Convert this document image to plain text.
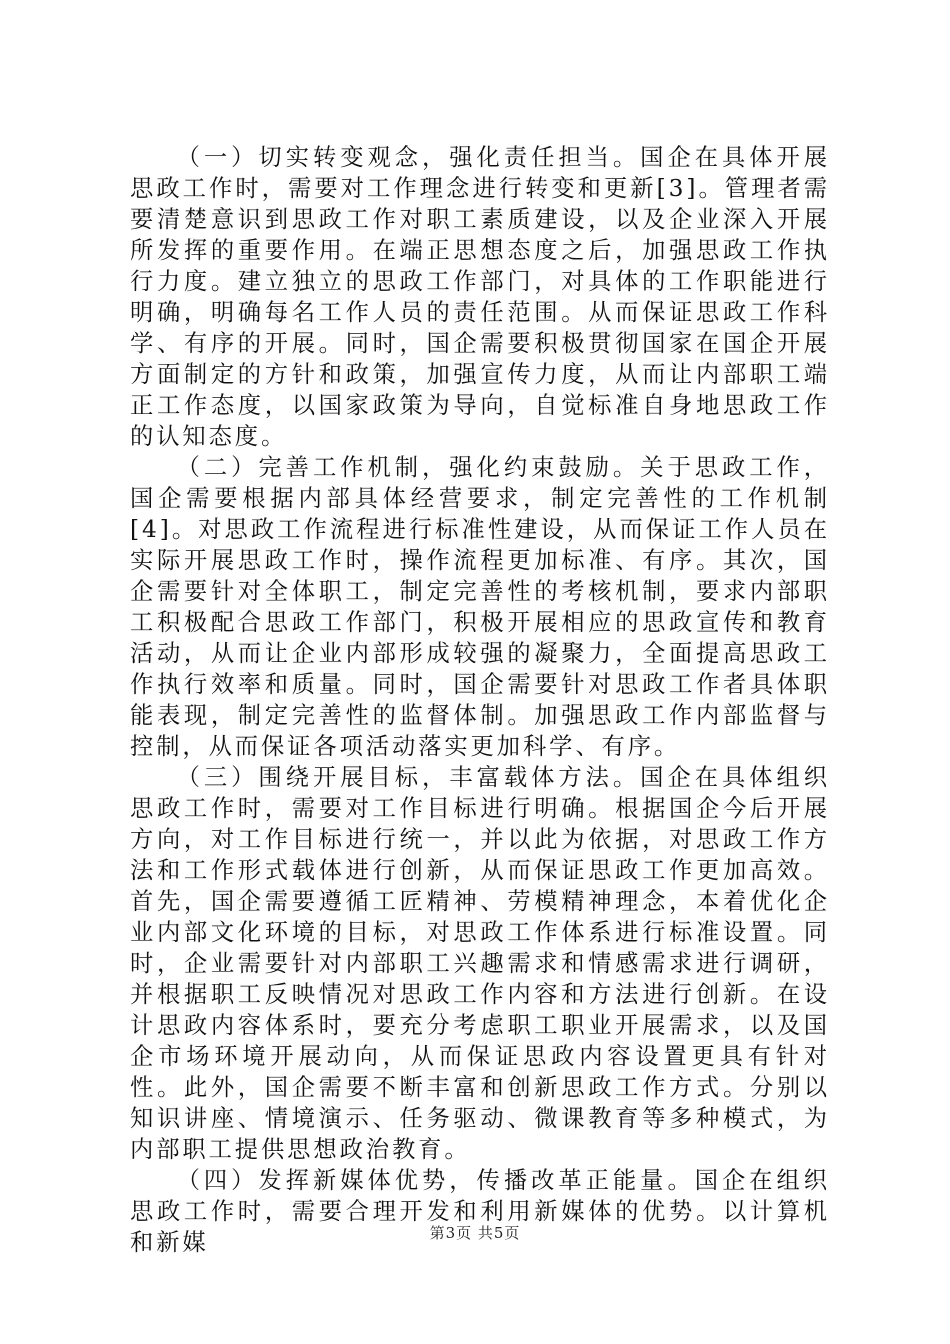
（一）切实转变观念，强化责任担当。国企在具体开展思政工作时，需要对工作理念进行转变和更新[3]。管理者需要清楚意识到思政工作对职工素质建设，以及企业深入开展所发挥的重要作用。在端正思想态度之后，加强思政工作执行力度。建立独立的思政工作部门，对具体的工作职能进行明确，明确每名工作人员的责任范围。从而保证思政工作科学、有序的开展。同时，国企需要积极贯彻国家在国企开展方面制定的方针和政策，加强宣传力度，从而让内部职工端正工作态度，以国家政策为导向，自觉标准自身地思政工作的认知态度。

（二）完善工作机制，强化约束鼓励。关于思政工作，国企需要根据内部具体经营要求，制定完善性的工作机制[4]。对思政工作流程进行标准性建设，从而保证工作人员在实际开展思政工作时，操作流程更加标准、有序。其次，国企需要针对全体职工，制定完善性的考核机制，要求内部职工积极配合思政工作部门，积极开展相应的思政宣传和教育活动，从而让企业内部形成较强的凝聚力，全面提高思政工作执行效率和质量。同时，国企需要针对思政工作者具体职能表现，制定完善性的监督体制。加强思政工作内部监督与控制，从而保证各项活动落实更加科学、有序。

（三）围绕开展目标，丰富载体方法。国企在具体组织思政工作时，需要对工作目标进行明确。根据国企今后开展方向，对工作目标进行统一，并以此为依据，对思政工作方法和工作形式载体进行创新，从而保证思政工作更加高效。首先，国企需要遵循工匠精神、劳模精神理念，本着优化企业内部文化环境的目标，对思政工作体系进行标准设置。同时，企业需要针对内部职工兴趣需求和情感需求进行调研，并根据职工反映情况对思政工作内容和方法进行创新。在设计思政内容体系时，要充分考虑职工职业开展需求，以及国企市场环境开展动向，从而保证思政内容设置更具有针对性。此外，国企需要不断丰富和创新思政工作方式。分别以知识讲座、情境演示、任务驱动、微课教育等多种模式，为内部职工提供思想政治教育。

（四）发挥新媒体优势，传播改革正能量。国企在组织思政工作时，需要合理开发和利用新媒体的优势。以计算机和新媒	第3页 共5页
